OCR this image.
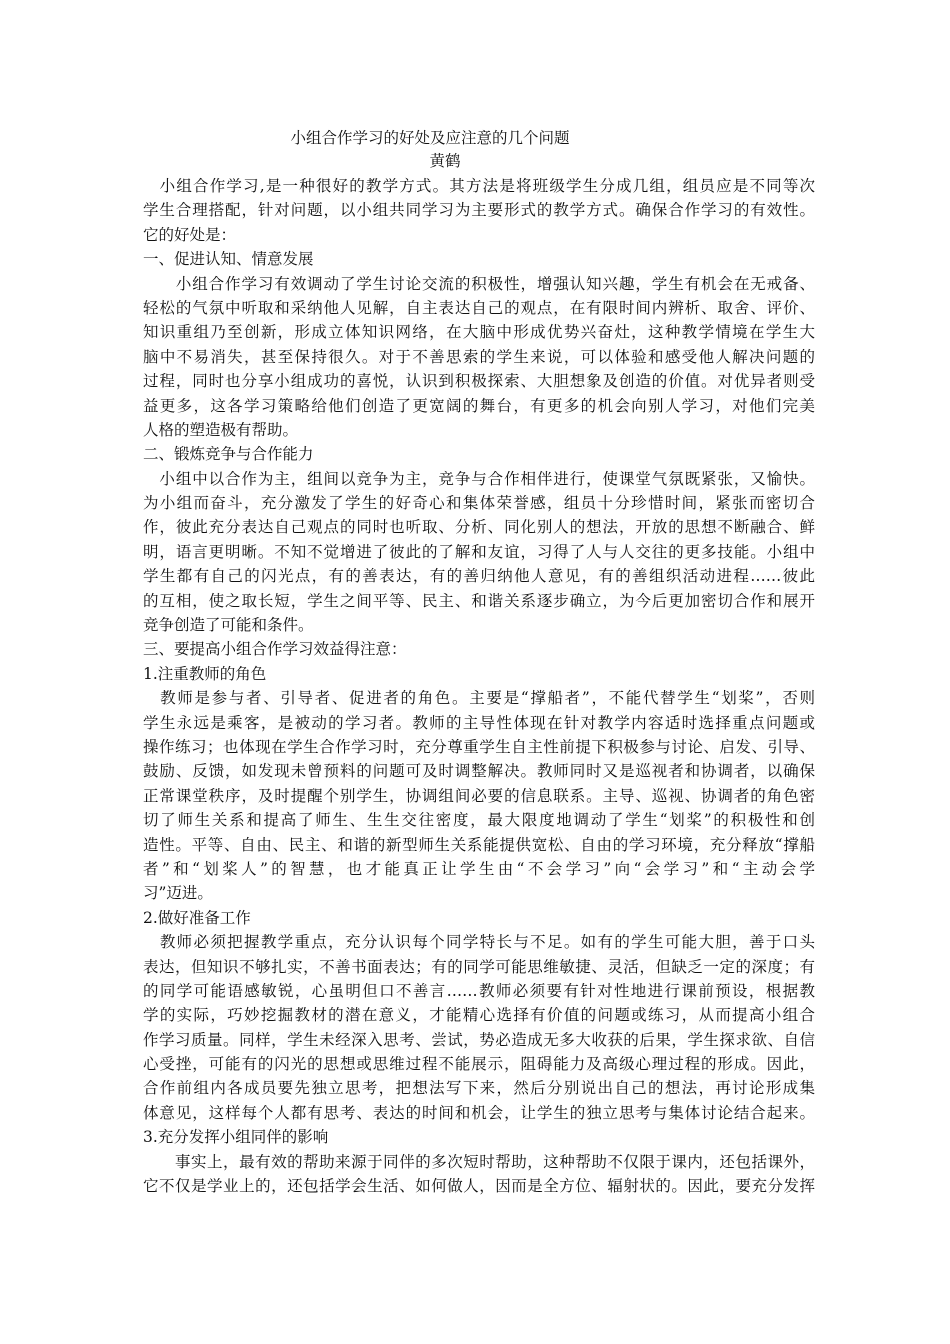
小组合作学习的好处及应注意的几个问题
黄鹤
　小组合作学习,是一种很好的教学方式。其方法是将班级学生分成几组，组员应是不同等次
学生合理搭配，针对问题，以小组共同学习为主要形式的教学方式。确保合作学习的有效性。
它的好处是：
一、促进认知、情意发展
　　小组合作学习有效调动了学生讨论交流的积极性，增强认知兴趣，学生有机会在无戒备、
轻松的气氛中听取和采纳他人见解，自主表达自己的观点，在有限时间内辨析、取舍、评价、
知识重组乃至创新，形成立体知识网络，在大脑中形成优势兴奋灶，这种教学情境在学生大
脑中不易消失，甚至保持很久。对于不善思索的学生来说，可以体验和感受他人解决问题的
过程，同时也分享小组成功的喜悦，认识到积极探索、大胆想象及创造的价值。对优异者则受
益更多，这各学习策略给他们创造了更宽阔的舞台，有更多的机会向别人学习，对他们完美
人格的塑造极有帮助。
二、锻炼竞争与合作能力
　小组中以合作为主，组间以竞争为主，竞争与合作相伴进行，使课堂气氛既紧张，又愉快。
为小组而奋斗，充分激发了学生的好奇心和集体荣誉感，组员十分珍惜时间，紧张而密切合
作，彼此充分表达自己观点的同时也听取、分析、同化别人的想法，开放的思想不断融合、鲜
明，语言更明晰。不知不觉增进了彼此的了解和友谊，习得了人与人交往的更多技能。小组中
学生都有自己的闪光点，有的善表达，有的善归纳他人意见，有的善组织活动进程……彼此
的互相，使之取长短，学生之间平等、民主、和谐关系逐步确立，为今后更加密切合作和展开
竞争创造了可能和条件。
三、要提高小组合作学习效益得注意：
1.注重教师的角色
　教师是参与者、引导者、促进者的角色。主要是“撑船者”，不能代替学生“划桨”，否则
学生永远是乘客，是被动的学习者。教师的主导性体现在针对教学内容适时选择重点问题或
操作练习；也体现在学生合作学习时，充分尊重学生自主性前提下积极参与讨论、启发、引导、
鼓励、反馈，如发现未曾预料的问题可及时调整解决。教师同时又是巡视者和协调者，以确保
正常课堂秩序，及时提醒个别学生，协调组间必要的信息联系。主导、巡视、协调者的角色密
切了师生关系和提高了师生、生生交往密度，最大限度地调动了学生“划桨”的积极性和创
造性。平等、自由、民主、和谐的新型师生关系能提供宽松、自由的学习环境，充分释放“撑船
者”和“划桨人”的智慧，也才能真正让学生由“不会学习”向“会学习”和“主动会学
习”迈进。
2.做好准备工作
　教师必须把握教学重点，充分认识每个同学特长与不足。如有的学生可能大胆，善于口头
表达，但知识不够扎实，不善书面表达；有的同学可能思维敏捷、灵活，但缺乏一定的深度；有
的同学可能语感敏锐，心虽明但口不善言……教师必须要有针对性地进行课前预设，根据教
学的实际，巧妙挖掘教材的潜在意义，才能精心选择有价值的问题或练习，从而提高小组合
作学习质量。同样，学生未经深入思考、尝试，势必造成无多大收获的后果，学生探求欲、自信
心受挫，可能有的闪光的思想或思维过程不能展示，阻碍能力及高级心理过程的形成。因此，
合作前组内各成员要先独立思考，把想法写下来，然后分别说出自己的想法，再讨论形成集
体意见，这样每个人都有思考、表达的时间和机会，让学生的独立思考与集体讨论结合起来。
3.充分发挥小组同伴的影响
　　事实上，最有效的帮助来源于同伴的多次短时帮助，这种帮助不仅限于课内，还包括课外，
它不仅是学业上的，还包括学会生活、如何做人，因而是全方位、辐射状的。因此，要充分发挥
